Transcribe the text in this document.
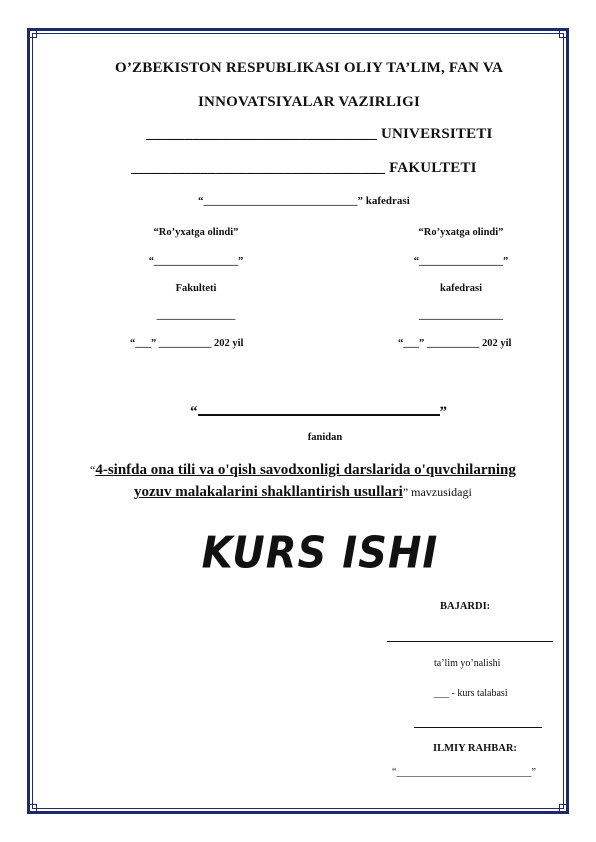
O’ZBEKISTON RESPUBLIKASI OLIY TA’LIM, FAN VA
INNOVATSIYALAR VAZIRLIGI
______________________________ UNIVERSITETI
_________________________________ FAKULTETI
“____________________________” kafedrasi
“Ro’yxatga olindi”
“________________”
Fakulteti
_______________
“___” __________ 202 yil
“Ro’yxatga olindi”
“________________”
kafedrasi
________________
“___” __________ 202 yil
“	”
fanidan
“4-sinfda ona tili va o'qish savodxonligi darslarida o'quvchilarning
yozuv malakalarini shakllantirish usullari” mavzusidagi
KURS ISHI
BAJARDI:
ta’lim yo’nalishi
___ - kurs talabasi
ILMIY RAHBAR:
“___________________________”
